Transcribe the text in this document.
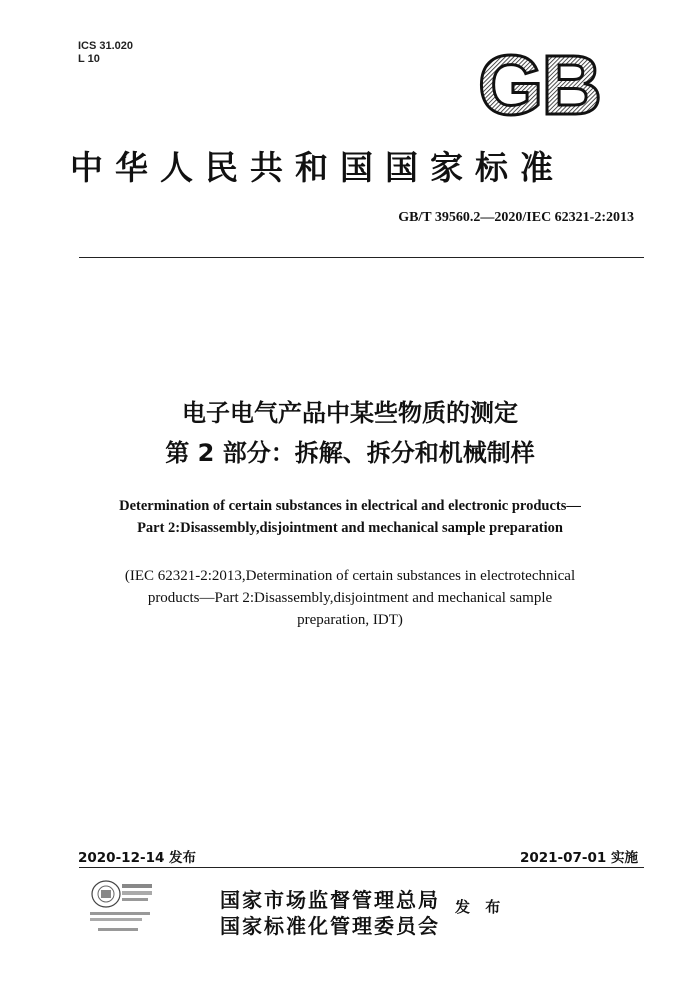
ICS 31.020
L 10	GB
中华人民共和国国家标准
GB/T 39560.2—2020/IEC 62321-2:2013
电子电气产品中某些物质的测定
第 2 部分：拆解、拆分和机械制样
Determination of certain substances in electrical and electronic products—
Part 2:Disassembly,disjointment and mechanical sample preparation
(IEC 62321-2:2013,Determination of certain substances in electrotechnical
products—Part 2:Disassembly,disjointment and mechanical sample
preparation, IDT)
2020-12-14 发布	2021-07-01 实施
国家市场监督管理总局
国家标准化管理委员会
发 布
